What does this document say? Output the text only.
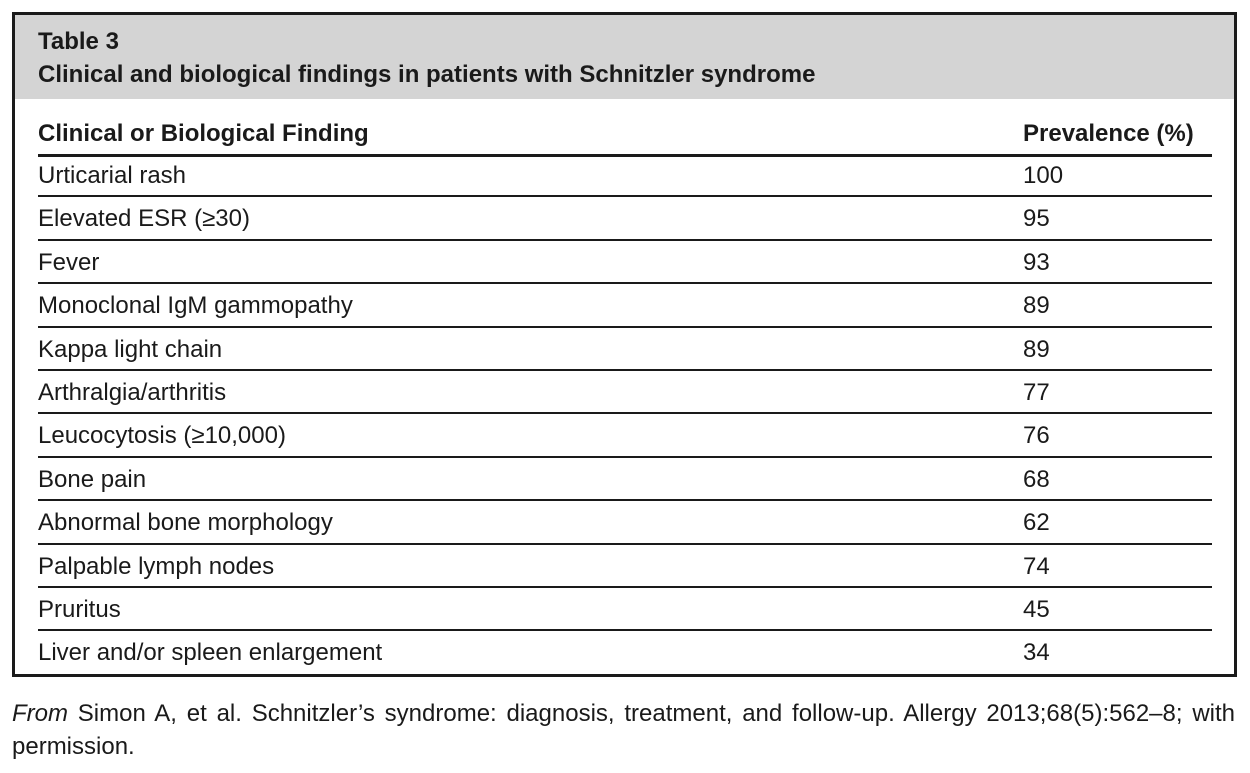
Table 3
Clinical and biological findings in patients with Schnitzler syndrome
Clinical or Biological Finding	Prevalence (%)
Urticarial rash	100
Elevated ESR (≥30)	95
Fever	93
Monoclonal IgM gammopathy	89
Kappa light chain	89
Arthralgia/arthritis	77
Leucocytosis (≥10,000)	76
Bone pain	68
Abnormal bone morphology	62
Palpable lymph nodes	74
Pruritus	45
Liver and/or spleen enlargement	34
From Simon A, et al. Schnitzler’s syndrome: diagnosis, treatment, and follow-up. Allergy 2013;68(5):562–8; with permission.
